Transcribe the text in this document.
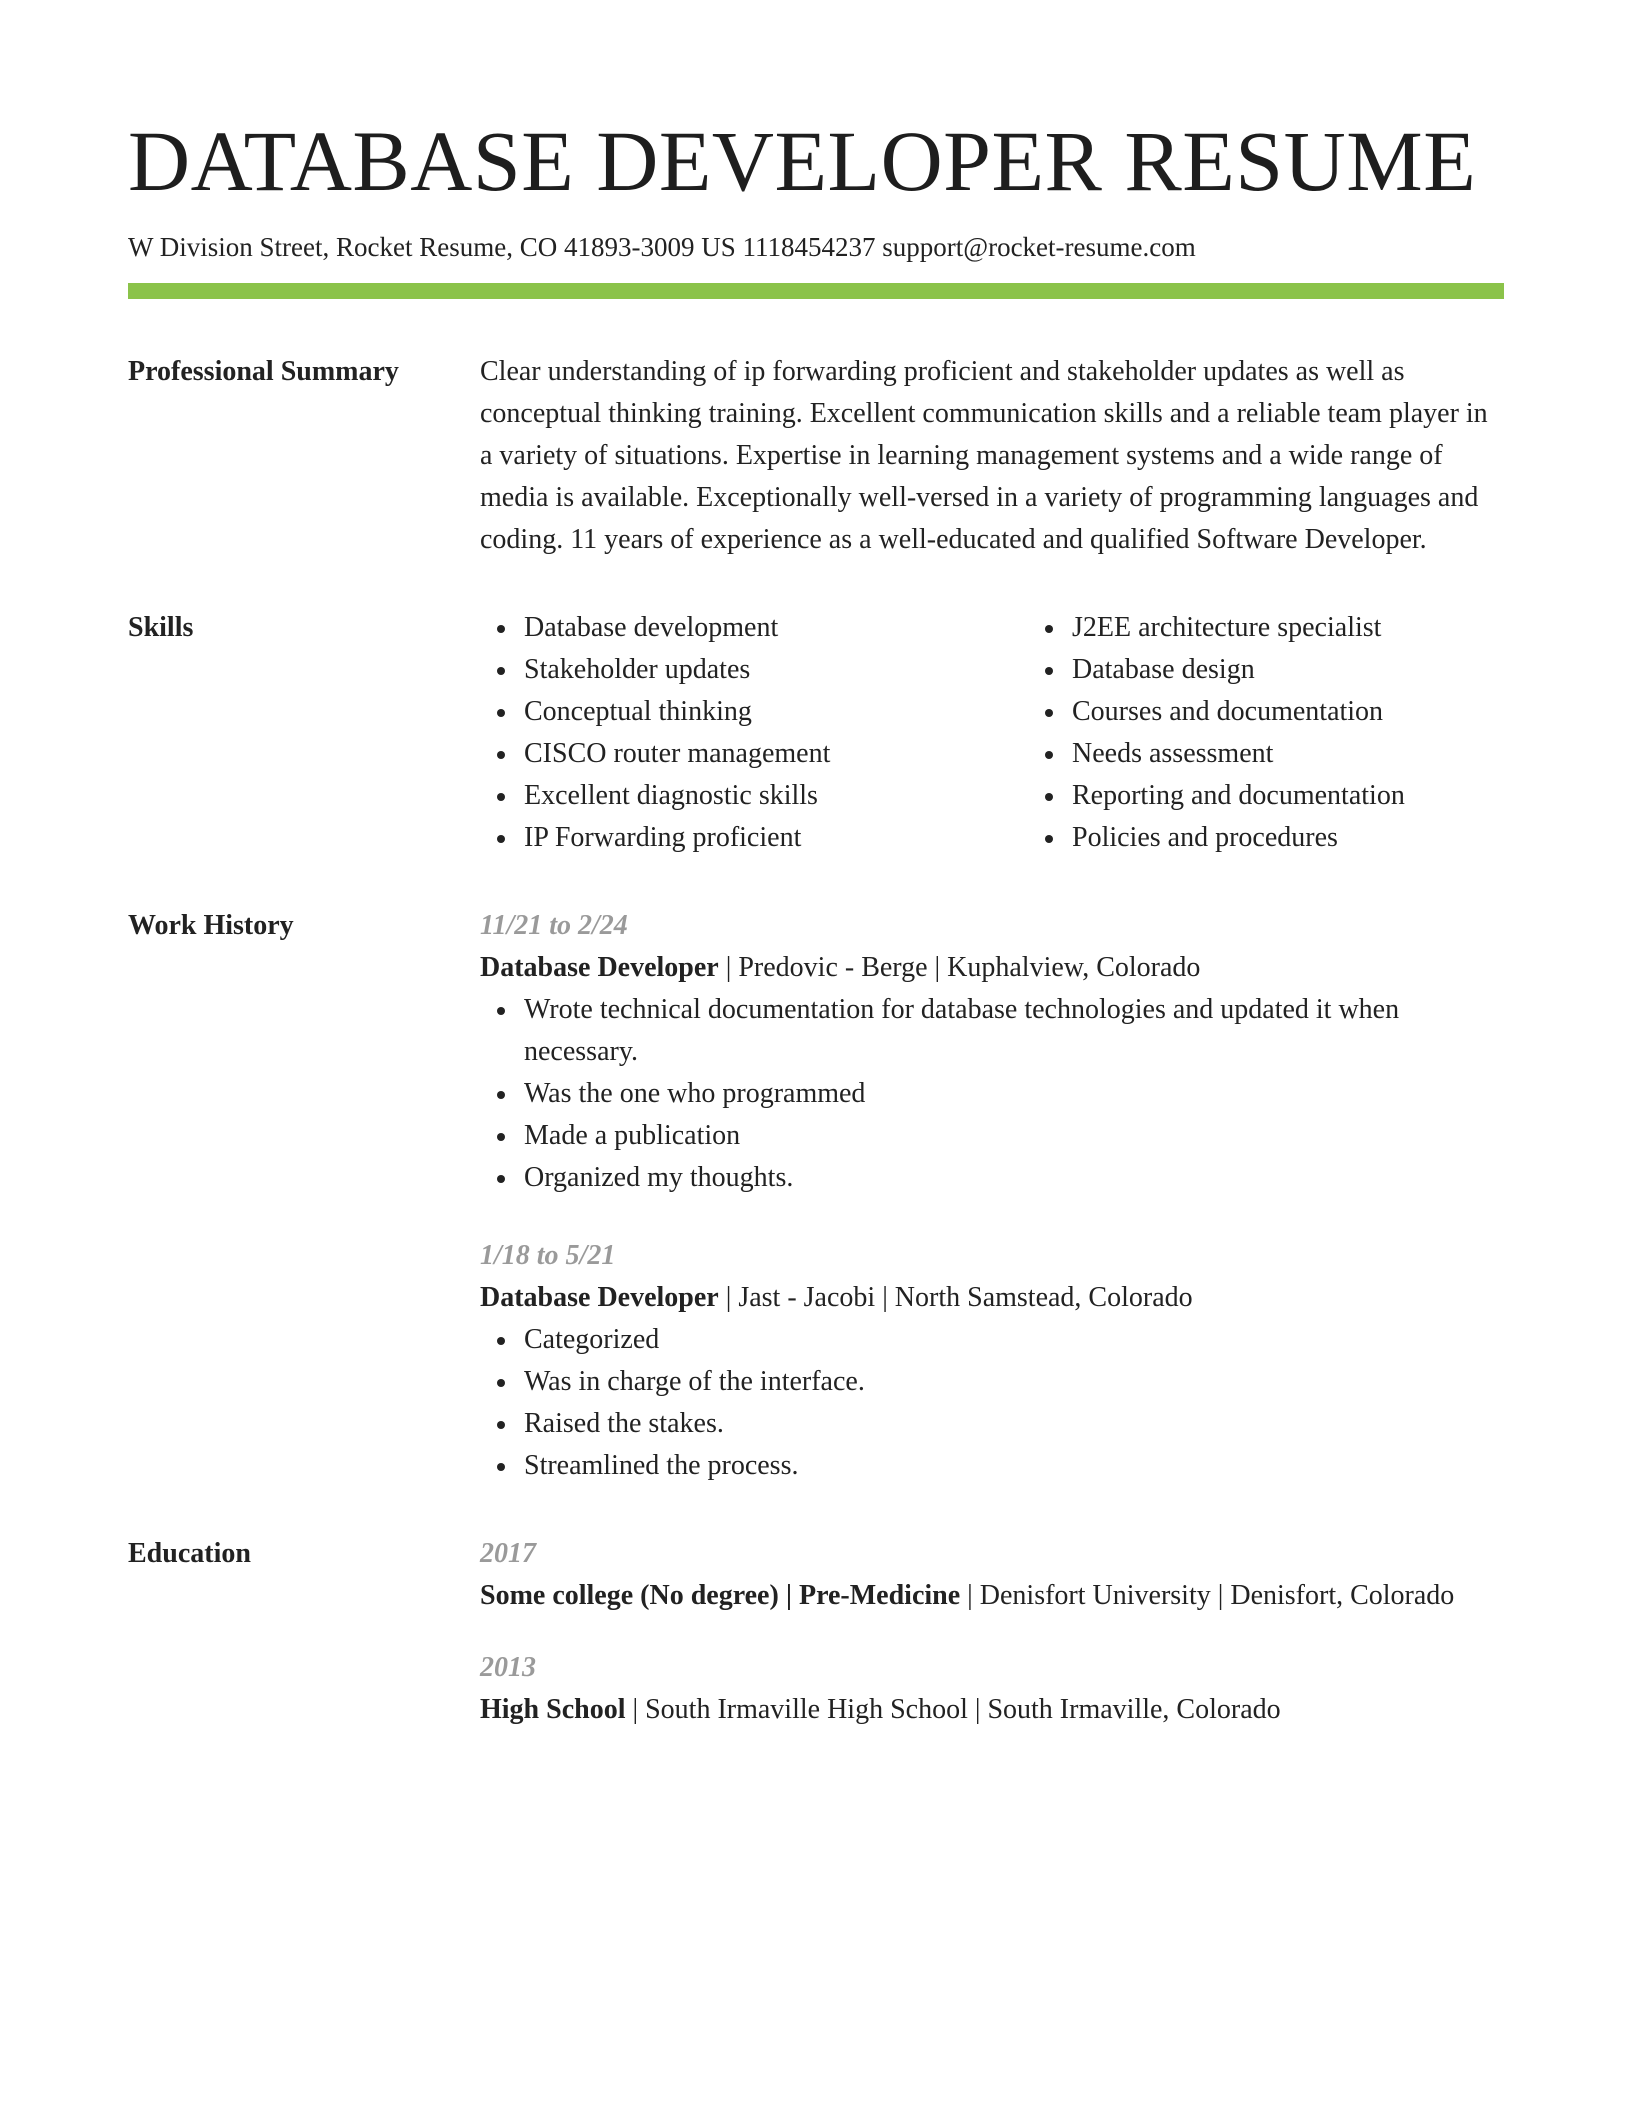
DATABASE DEVELOPER RESUME
W Division Street, Rocket Resume, CO 41893-3009 US 1118454237 support@rocket-resume.com
Professional Summary	Clear understanding of ip forwarding proficient and stakeholder updates as well as conceptual thinking training. Excellent communication skills and a reliable team player in a variety of situations. Expertise in learning management systems and a wide range of media is available. Exceptionally well-versed in a variety of programming languages and coding. 11 years of experience as a well-educated and qualified Software Developer.

Skills	Database development
Stakeholder updates
Conceptual thinking
CISCO router management
Excellent diagnostic skills
IP Forwarding proficient
J2EE architecture specialist
Database design
Courses and documentation
Needs assessment
Reporting and documentation
Policies and procedures
Work History	11/21 to 2/24
Database Developer | Predovic - Berge | Kuphalview, Colorado
Wrote technical documentation for database technologies and updated it when necessary.
Was the one who programmed
Made a publication
Organized my thoughts.
1/18 to 5/21
Database Developer | Jast - Jacobi | North Samstead, Colorado
Categorized
Was in charge of the interface.
Raised the stakes.
Streamlined the process.
Education	2017
Some college (No degree) | Pre-Medicine | Denisfort University | Denisfort, Colorado
2013
High School | South Irmaville High School | South Irmaville, Colorado
